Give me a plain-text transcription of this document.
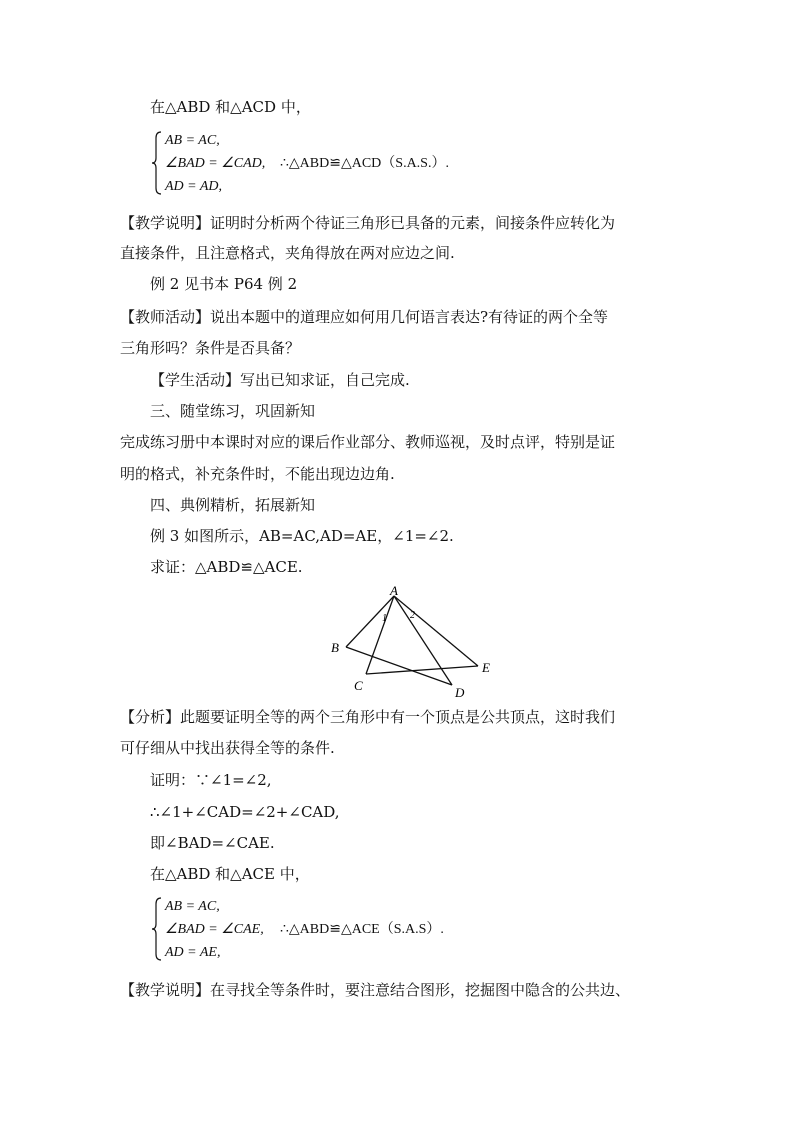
在△ABD 和△ACD 中，
AB = AC,
∠BAD = ∠CAD,
AD = AD,
∴△ABD≌△ACD（S.A.S.）.
【教学说明】证明时分析两个待证三角形已具备的元素，间接条件应转化为
直接条件，且注意格式，夹角得放在两对应边之间.
例 2 见书本 P64 例 2
【教师活动】说出本题中的道理应如何用几何语言表达?有待证的两个全等
三角形吗？条件是否具备？
【学生活动】写出已知求证，自己完成.
三、随堂练习，巩固新知
完成练习册中本课时对应的课后作业部分、教师巡视，及时点评，特别是证
明的格式，补充条件时，不能出现边边角.
四、典例精析，拓展新知
例 3 如图所示，AB=AC,AD=AE，∠1=∠2.
求证：△ABD≌△ACE.
A
B
C	D
E
1 2
【分析】此题要证明全等的两个三角形中有一个顶点是公共顶点，这时我们
可仔细从中找出获得全等的条件.
证明：∵∠1=∠2,
∴∠1+∠CAD=∠2+∠CAD,
即∠BAD=∠CAE.
在△ABD 和△ACE 中，
AB = AC,
∠BAD = ∠CAE,
AD = AE,
∴△ABD≌△ACE（S.A.S）.
【教学说明】在寻找全等条件时，要注意结合图形，挖掘图中隐含的公共边、
